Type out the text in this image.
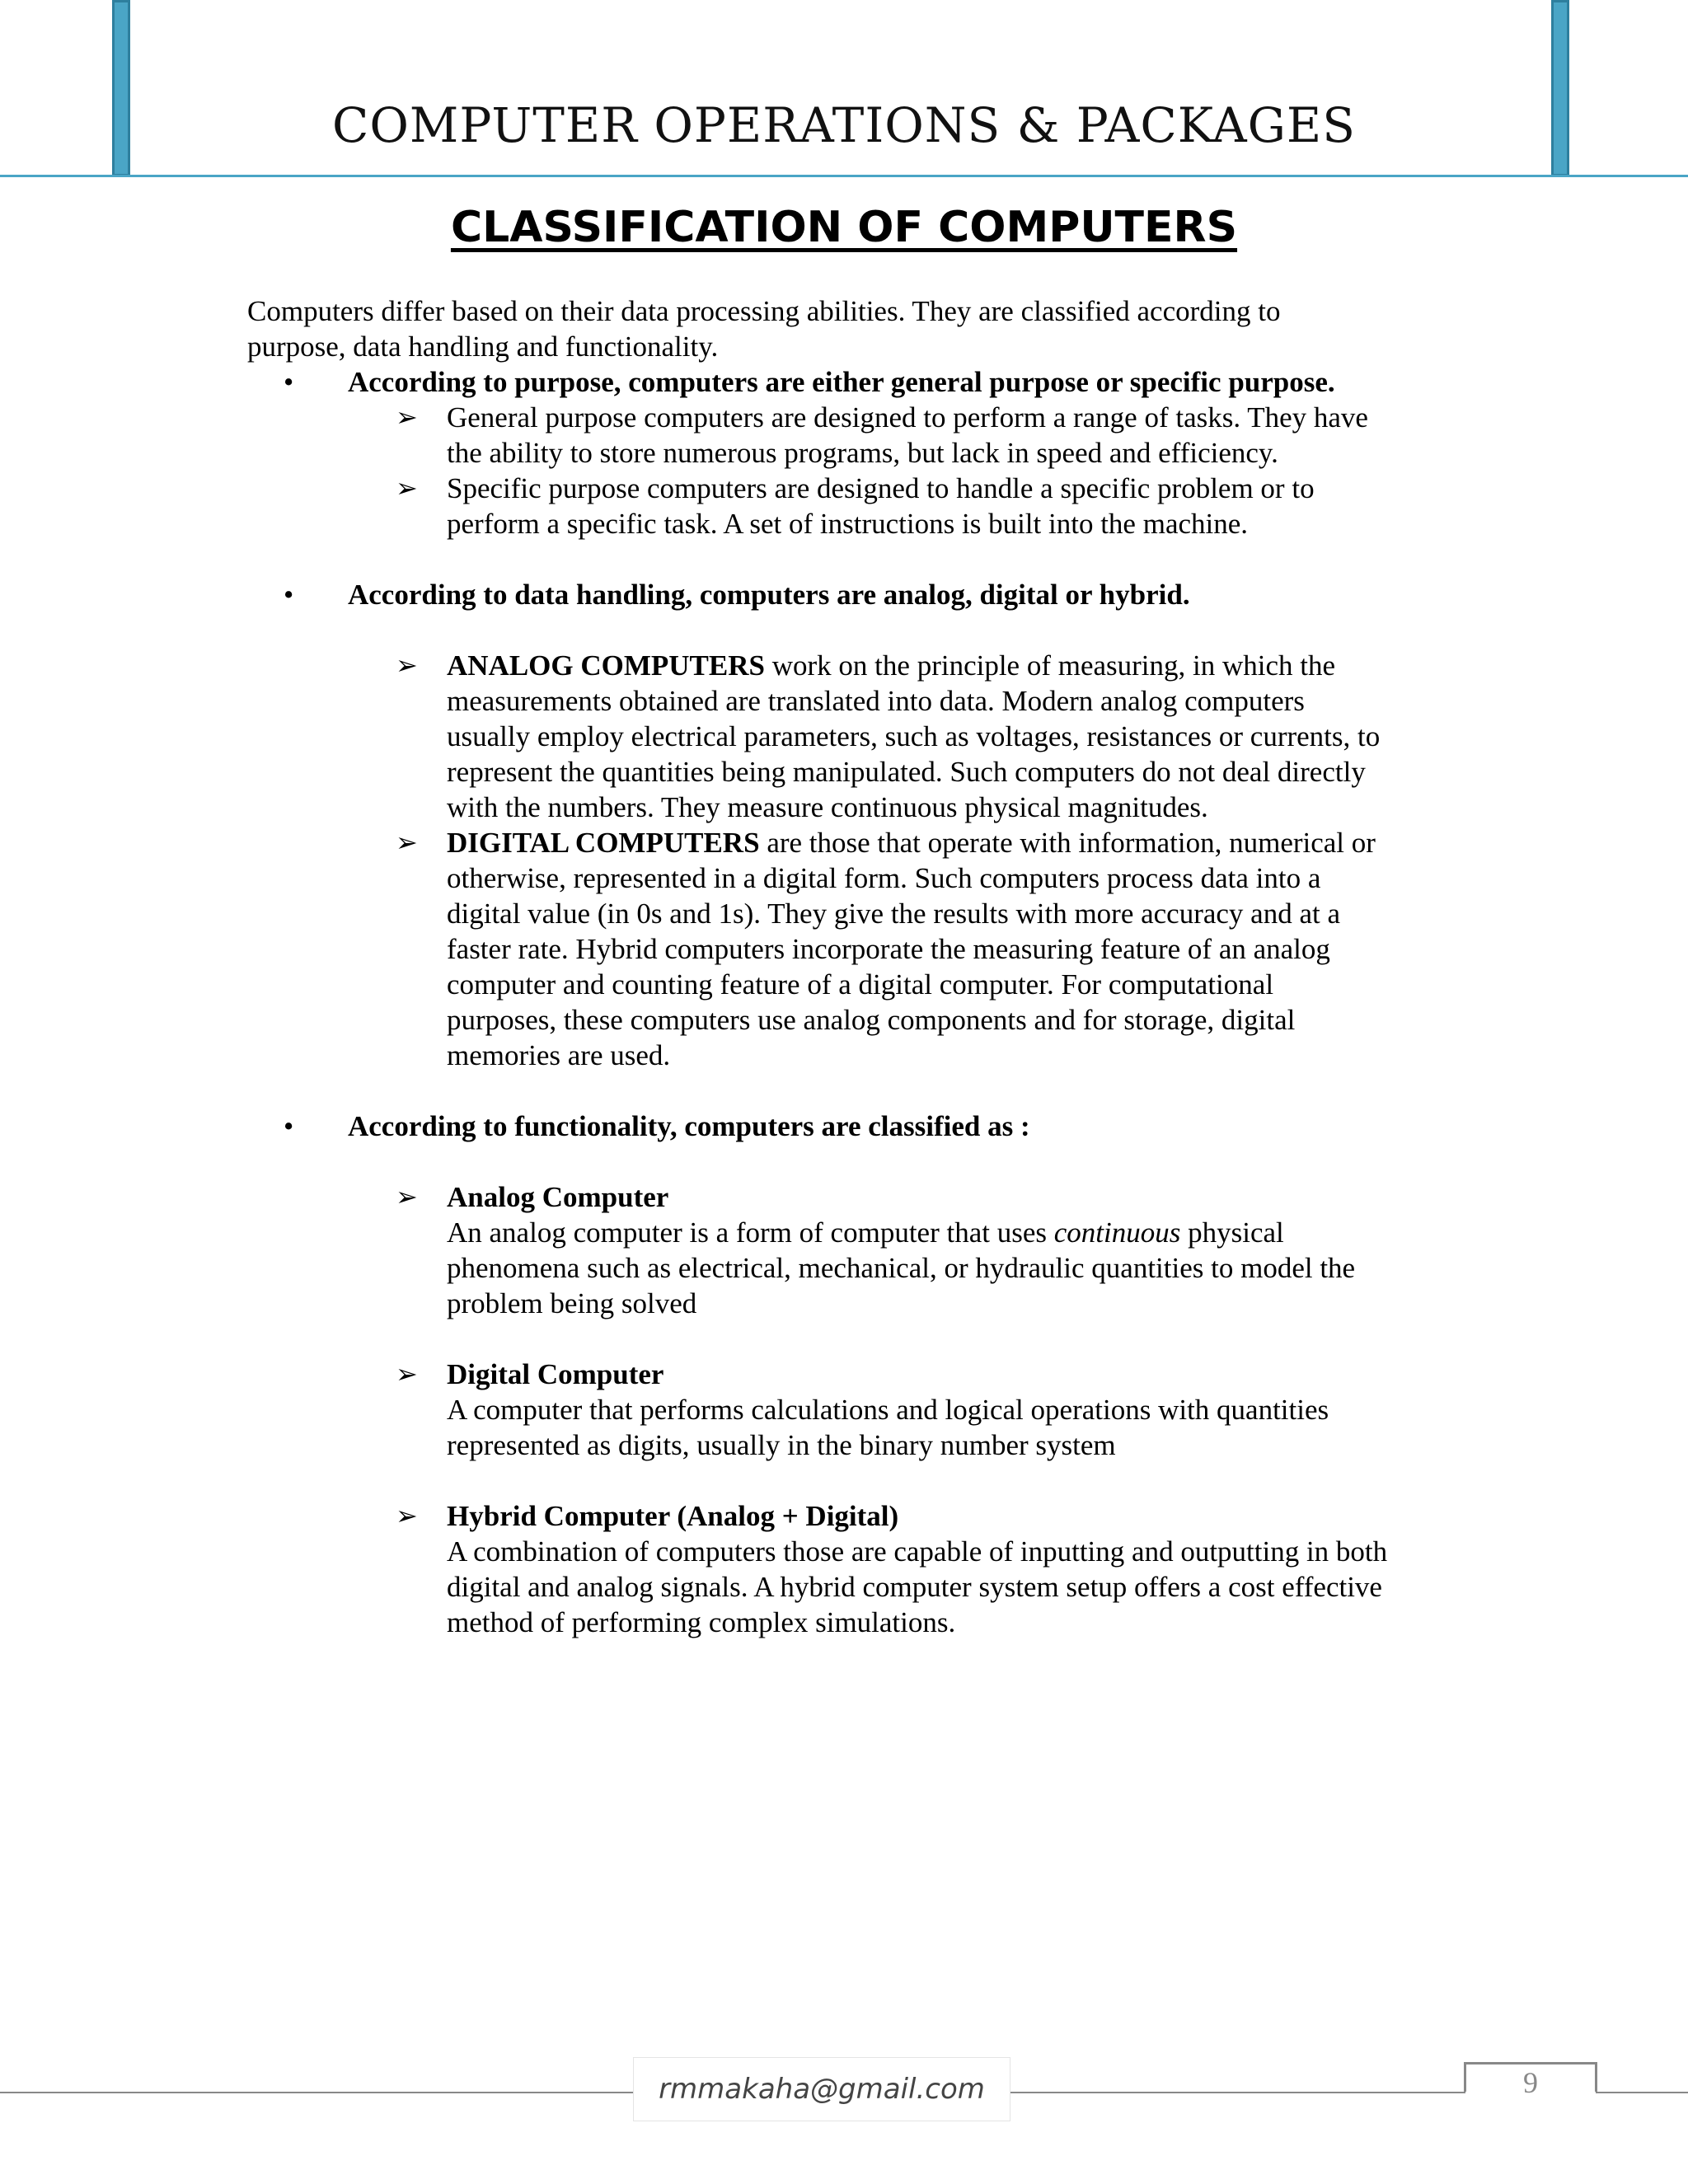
COMPUTER OPERATIONS & PACKAGES
CLASSIFICATION OF COMPUTERS

Computers differ based on their data processing abilities. They are classified according to

purpose, data handling and functionality.

• According to purpose, computers are either general purpose or specific purpose.
➢ General purpose computers are designed to perform a range of tasks. They have
the ability to store numerous programs, but lack in speed and efficiency.
➢ Specific purpose computers are designed to handle a specific problem or to
perform a specific task. A set of instructions is built into the machine.
• According to data handling, computers are analog, digital or hybrid.
➢ ANALOG COMPUTERS work on the principle of measuring, in which the
measurements obtained are translated into data. Modern analog computers
usually employ electrical parameters, such as voltages, resistances or currents, to
represent the quantities being manipulated. Such computers do not deal directly
with the numbers. They measure continuous physical magnitudes.
➢ DIGITAL COMPUTERS are those that operate with information, numerical or
otherwise, represented in a digital form. Such computers process data into a
digital value (in 0s and 1s). They give the results with more accuracy and at a
faster rate. Hybrid computers incorporate the measuring feature of an analog
computer and counting feature of a digital computer. For computational
purposes, these computers use analog components and for storage, digital
memories are used.
• According to functionality, computers are classified as :
➢ Analog Computer
An analog computer is a form of computer that uses continuous physical
phenomena such as electrical, mechanical, or hydraulic quantities to model the
problem being solved
➢ Digital Computer
A computer that performs calculations and logical operations with quantities
represented as digits, usually in the binary number system
➢ Hybrid Computer (Analog + Digital)
A combination of computers those are capable of inputting and outputting in both
digital and analog signals. A hybrid computer system setup offers a cost effective
method of performing complex simulations.
rmmakaha@gmail.com	9
